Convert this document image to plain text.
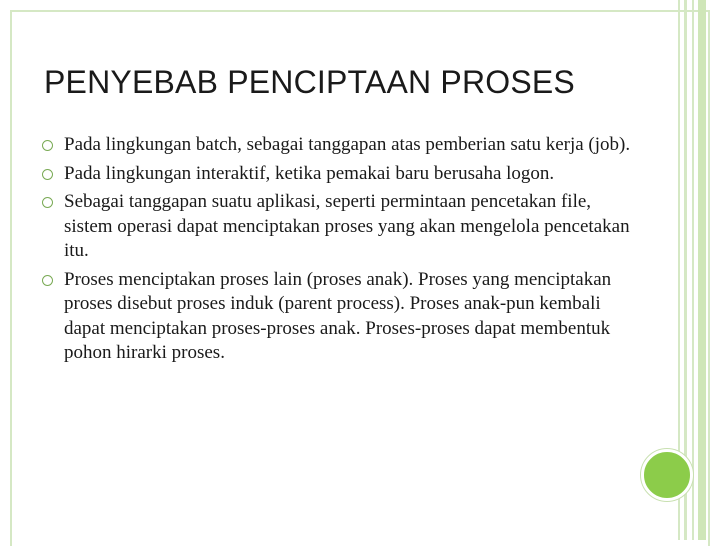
PENYEBAB PENCIPTAAN PROSES
Pada lingkungan batch, sebagai tanggapan atas pemberian satu kerja (job).
Pada lingkungan interaktif, ketika pemakai baru berusaha logon.
Sebagai tanggapan suatu aplikasi, seperti permintaan pencetakan file, sistem operasi dapat menciptakan proses yang akan mengelola pencetakan itu.
Proses menciptakan proses lain (proses anak). Proses yang menciptakan proses disebut proses induk (parent process). Proses anak-pun kembali dapat menciptakan proses-proses anak. Proses-proses dapat membentuk pohon hirarki proses.
